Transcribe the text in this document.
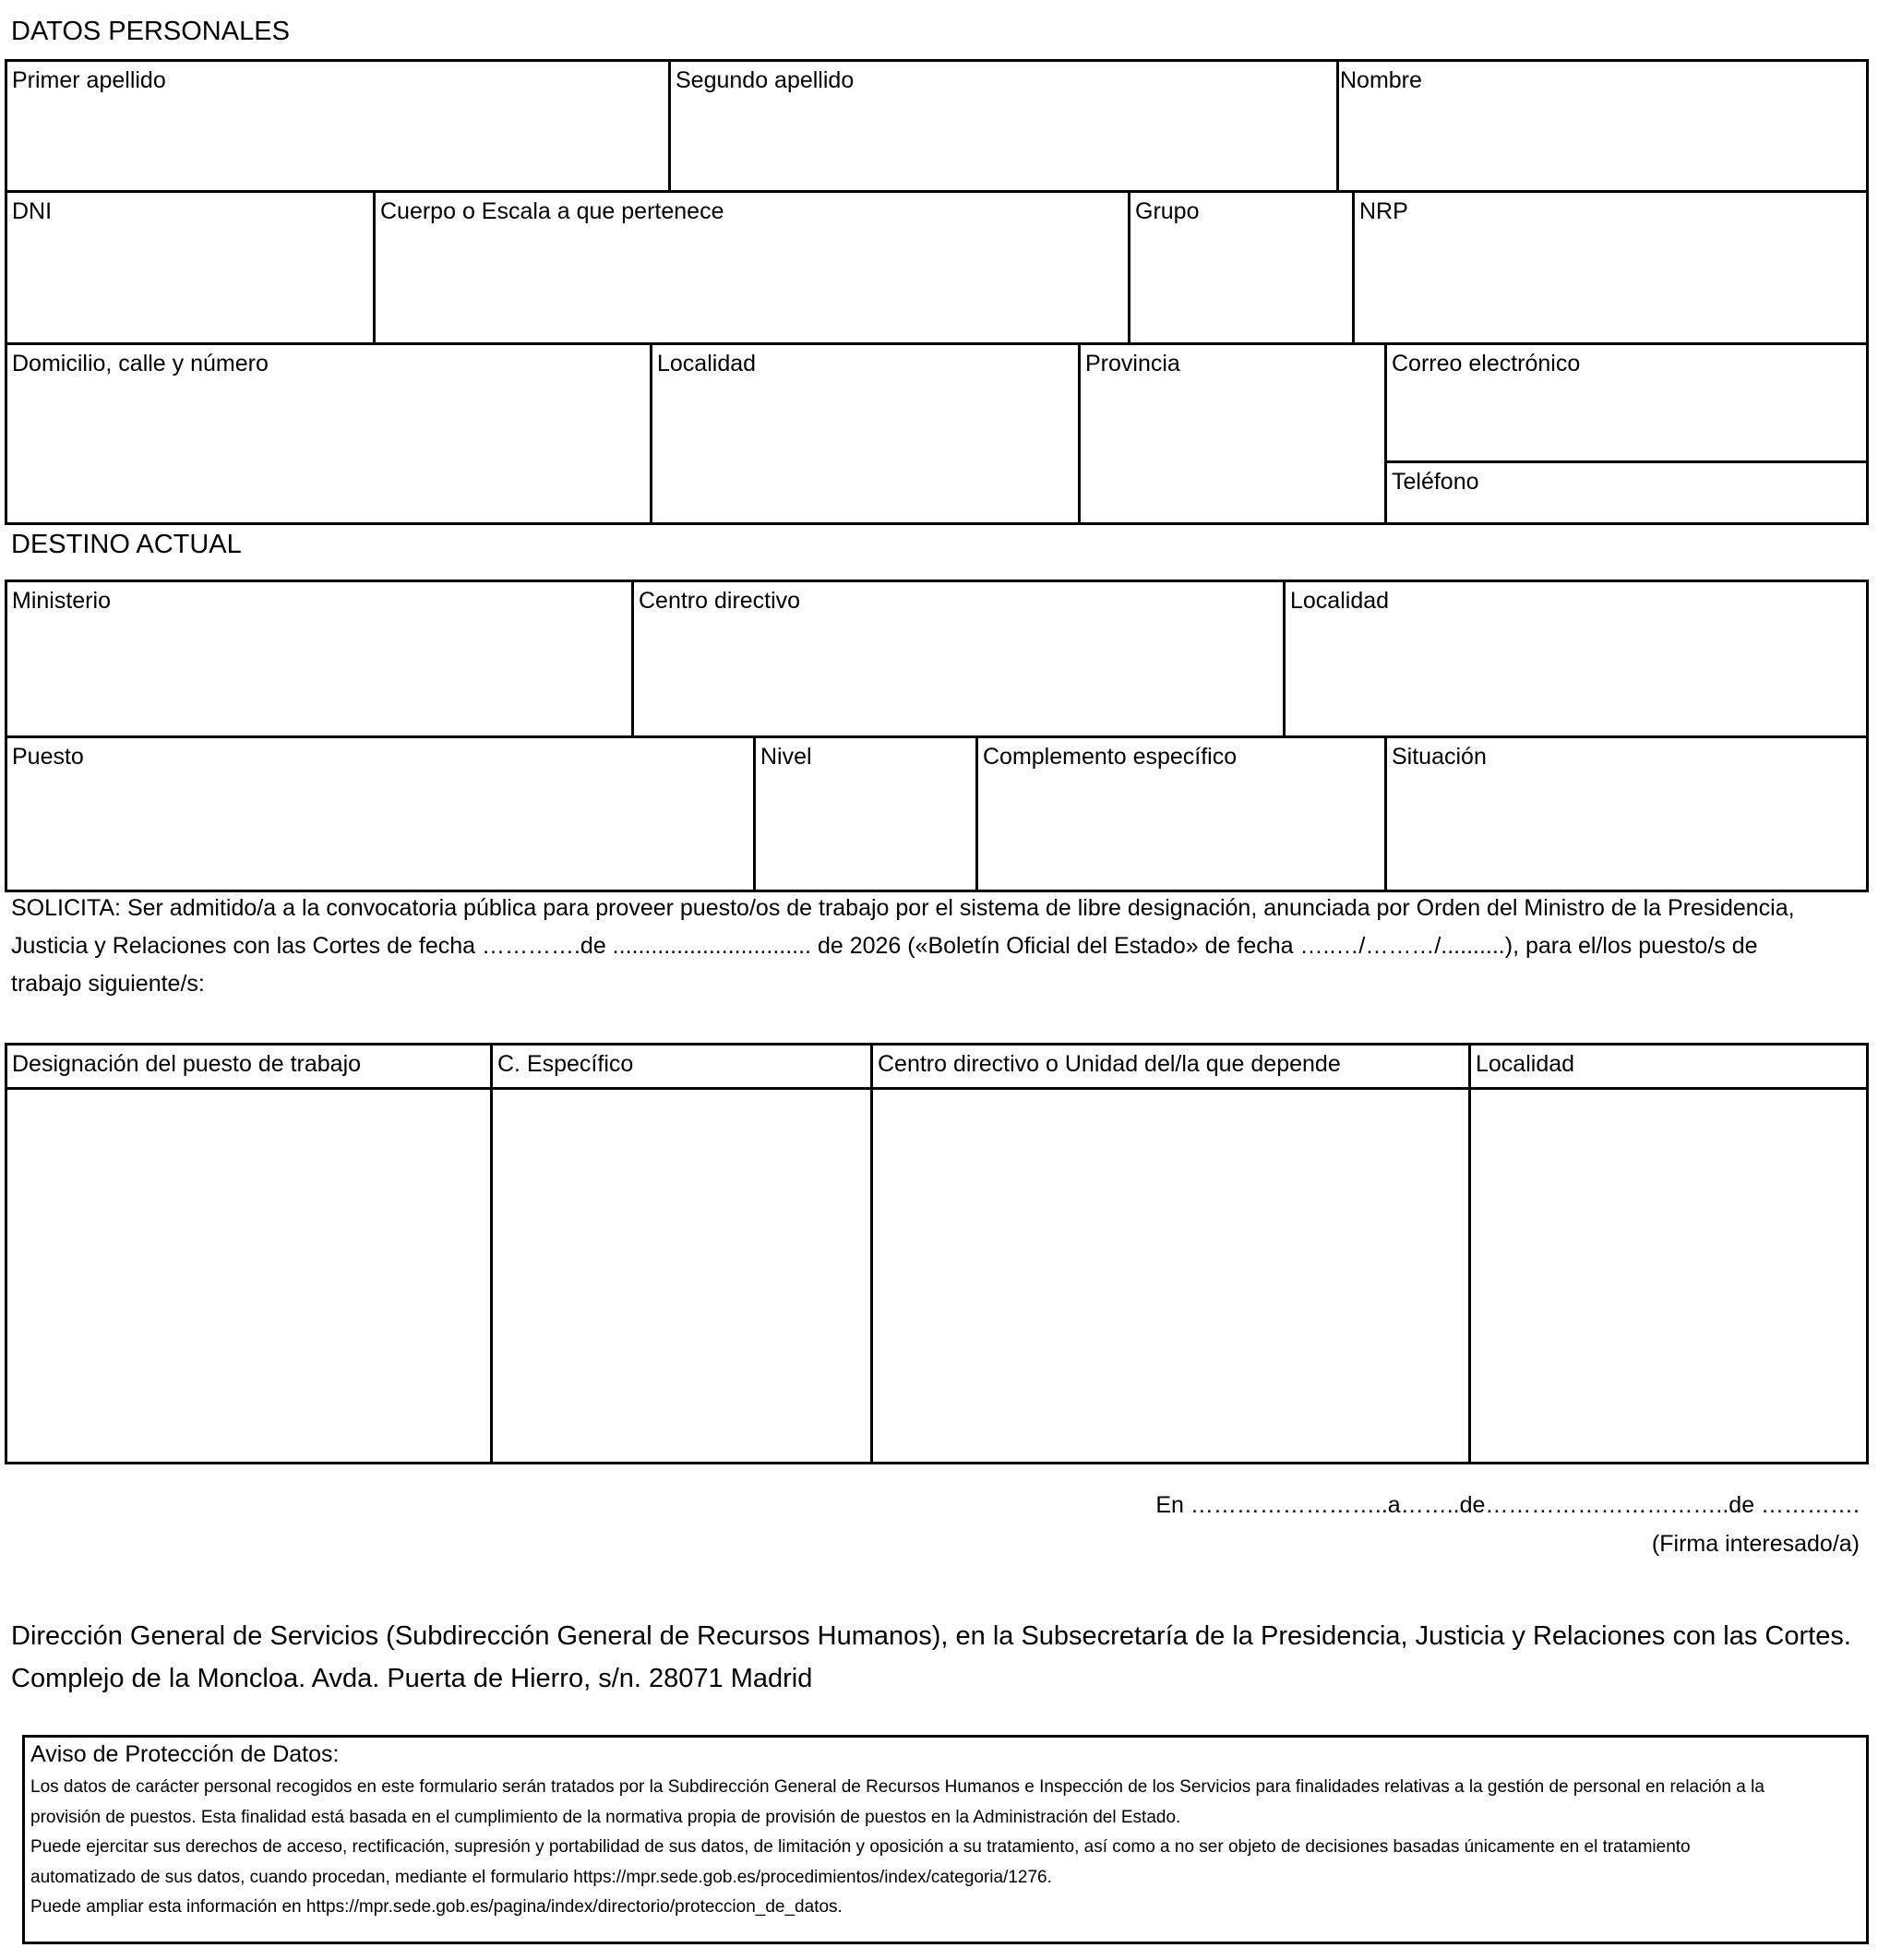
DATOS PERSONALES
Primer apellido	Segundo apellido	Nombre
DNI	Cuerpo o Escala a que pertenece	Grupo	NRP
Domicilio, calle y número	Localidad	Provincia	Correo electrónico
Teléfono
DESTINO ACTUAL
Ministerio	Centro directivo	Localidad
Puesto	Nivel	Complemento específico	Situación

SOLICITA: Ser admitido/a a la convocatoria pública para proveer puesto/os de trabajo por el sistema de libre designación, anunciada por Orden del Ministro de la Presidencia,

Justicia y Relaciones con las Cortes de fecha ………….de ............................... de 2026 («Boletín Oficial del Estado» de fecha …..…/………/..........), para el/los puesto/s de

trabajo siguiente/s:

Designación del puesto de trabajo	C. Específico	Centro directivo o Unidad del/la que depende	Localidad
En ……………………..a……..de…………………………..de ………….
(Firma interesado/a)

Dirección General de Servicios (Subdirección General de Recursos Humanos), en la Subsecretaría de la Presidencia, Justicia y Relaciones con las Cortes.

Complejo de la Moncloa. Avda. Puerta de Hierro, s/n. 28071 Madrid

Aviso de Protección de Datos:

Los datos de carácter personal recogidos en este formulario serán tratados por la Subdirección General de Recursos Humanos e Inspección de los Servicios para finalidades relativas a la gestión de personal en relación a la

provisión de puestos. Esta finalidad está basada en el cumplimiento de la normativa propia de provisión de puestos en la Administración del Estado.

Puede ejercitar sus derechos de acceso, rectificación, supresión y portabilidad de sus datos, de limitación y oposición a su tratamiento, así como a no ser objeto de decisiones basadas únicamente en el tratamiento

automatizado de sus datos, cuando procedan, mediante el formulario https://mpr.sede.gob.es/procedimientos/index/categoria/1276.

Puede ampliar esta información en https://mpr.sede.gob.es/pagina/index/directorio/proteccion_de_datos.
